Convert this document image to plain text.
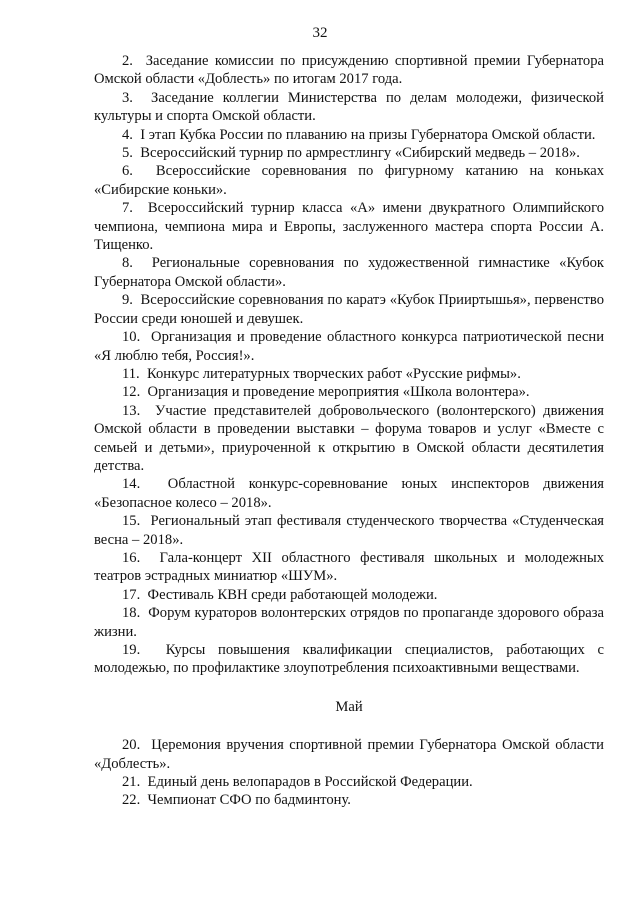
32

2. Заседание комиссии по присуждению спортивной премии Губернатора Омской области «Доблесть» по итогам 2017 года.

3. Заседание коллегии Министерства по делам молодежи, физической культуры и спорта Омской области.

4. I этап Кубка России по плаванию на призы Губернатора Омской области.

5. Всероссийский турнир по армрестлингу «Сибирский медведь – 2018».

6. Всероссийские соревнования по фигурному катанию на коньках «Сибирские коньки».

7. Всероссийский турнир класса «А» имени двукратного Олимпийского чемпиона, чемпиона мира и Европы, заслуженного мастера спорта России А. Тищенко.

8. Региональные соревнования по художественной гимнастике «Кубок Губернатора Омской области».

9. Всероссийские соревнования по каратэ «Кубок Прииртышья», первенство России среди юношей и девушек.

10. Организация и проведение областного конкурса патриотической песни «Я люблю тебя, Россия!».

11. Конкурс литературных творческих работ «Русские рифмы».

12. Организация и проведение мероприятия «Школа волонтера».

13. Участие представителей добровольческого (волонтерского) движения Омской области в проведении выставки – форума товаров и услуг «Вместе с семьей и детьми», приуроченной к открытию в Омской области десятилетия детства.

14. Областной конкурс-соревнование юных инспекторов движения «Безопасное колесо – 2018».

15. Региональный этап фестиваля студенческого творчества «Студенческая весна – 2018».

16. Гала-концерт XII областного фестиваля школьных и молодежных театров эстрадных миниатюр «ШУМ».

17. Фестиваль КВН среди работающей молодежи.

18. Форум кураторов волонтерских отрядов по пропаганде здорового образа жизни.

19. Курсы повышения квалификации специалистов, работающих с молодежью, по профилактике злоупотребления психоактивными веществами.

Май

20. Церемония вручения спортивной премии Губернатора Омской области «Доблесть».

21. Единый день велопарадов в Российской Федерации.

22. Чемпионат СФО по бадминтону.
